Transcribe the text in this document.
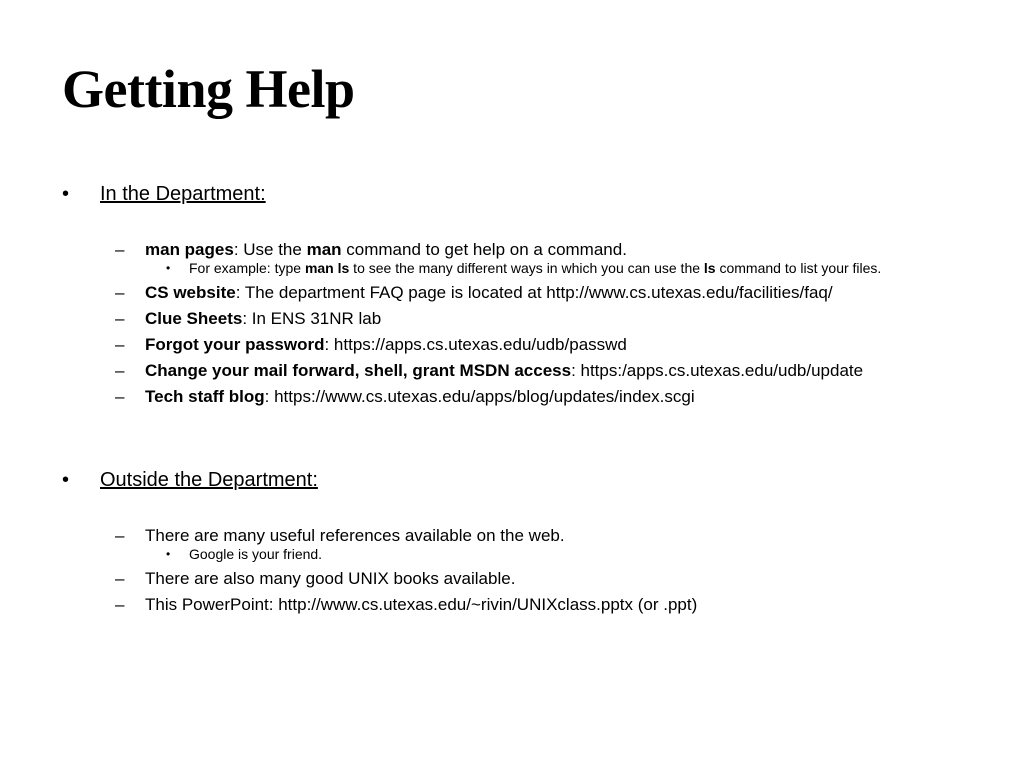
Getting Help
• In the Department:
– man pages: Use the man command to get help on a command.
• For example: type man ls to see the many different ways in which you can use the ls command to list your files.
– CS website: The department FAQ page is located at http://www.cs.utexas.edu/facilities/faq/
– Clue Sheets: In ENS 31NR lab
– Forgot your password: https://apps.cs.utexas.edu/udb/passwd
– Change your mail forward, shell, grant MSDN access: https:/apps.cs.utexas.edu/udb/update
– Tech staff blog: https://www.cs.utexas.edu/apps/blog/updates/index.scgi
• Outside the Department:
– There are many useful references available on the web.
• Google is your friend.
– There are also many good UNIX books available.
– This PowerPoint: http://www.cs.utexas.edu/~rivin/UNIXclass.pptx (or .ppt)
